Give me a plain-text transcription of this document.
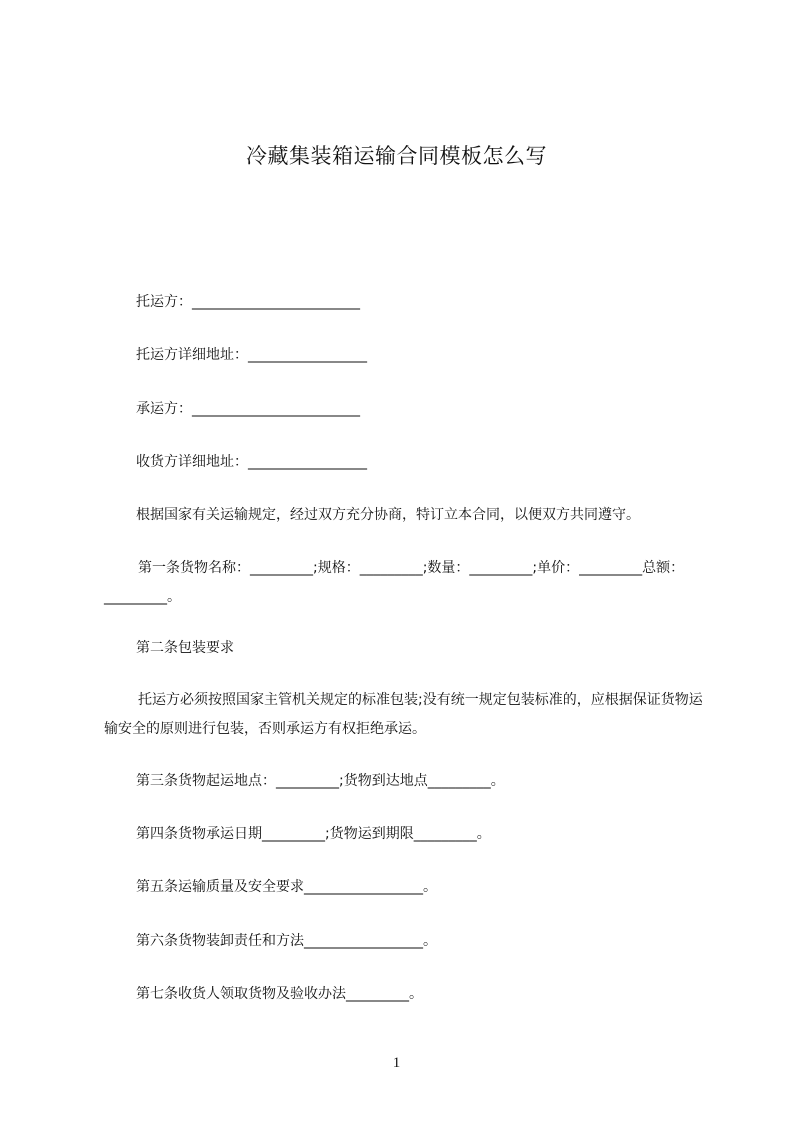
冷藏集装箱运输合同模板怎么写

托运方：________________________

托运方详细地址：_________________

承运方：________________________

收货方详细地址：_________________

根据国家有关运输规定，经过双方充分协商，特订立本合同，以便双方共同遵守。

第一条货物名称：_________;规格：_________;数量：_________;单价：_________总额：_________。

第二条包装要求

托运方必须按照国家主管机关规定的标准包装;没有统一规定包装标准的，应根据保证货物运输安全的原则进行包装，否则承运方有权拒绝承运。

第三条货物起运地点：_________;货物到达地点_________。

第四条货物承运日期_________;货物运到期限_________。

第五条运输质量及安全要求_________________。

第六条货物装卸责任和方法_________________。

第七条收货人领取货物及验收办法_________。

1
